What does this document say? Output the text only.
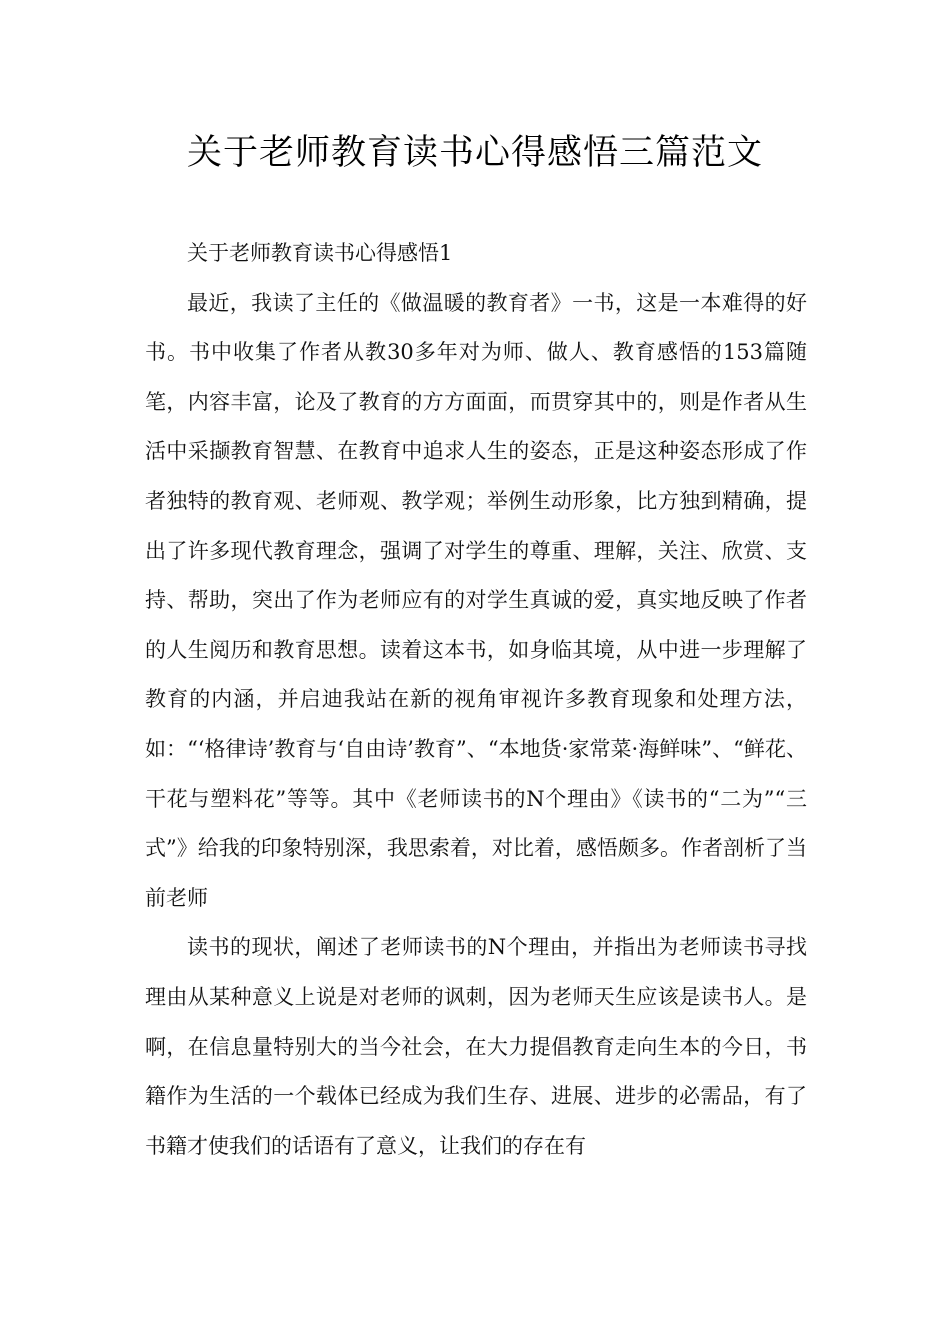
关于老师教育读书心得感悟三篇范文

关于老师教育读书心得感悟1

最近，我读了主任的《做温暖的教育者》一书，这是一本难得的好书。书中收集了作者从教30多年对为师、做人、教育感悟的153篇随笔，内容丰富，论及了教育的方方面面，而贯穿其中的，则是作者从生活中采撷教育智慧、在教育中追求人生的姿态，正是这种姿态形成了作者独特的教育观、老师观、教学观；举例生动形象，比方独到精确，提出了许多现代教育理念，强调了对学生的尊重、理解，关注、欣赏、支持、帮助，突出了作为老师应有的对学生真诚的爱，真实地反映了作者的人生阅历和教育思想。读着这本书，如身临其境，从中进一步理解了教育的内涵，并启迪我站在新的视角审视许多教育现象和处理方法，如：“‘格律诗’教育与‘自由诗’教育”、“本地货·家常菜·海鲜味”、“鲜花、干花与塑料花”等等。其中《老师读书的N个理由》《读书的“二为”“三式”》给我的印象特别深，我思索着，对比着，感悟颇多。作者剖析了当前老师

读书的现状，阐述了老师读书的N个理由，并指出为老师读书寻找理由从某种意义上说是对老师的讽刺，因为老师天生应该是读书人。是啊，在信息量特别大的当今社会，在大力提倡教育走向生本的今日，书籍作为生活的一个载体已经成为我们生存、进展、进步的必需品，有了书籍才使我们的话语有了意义，让我们的存在有
